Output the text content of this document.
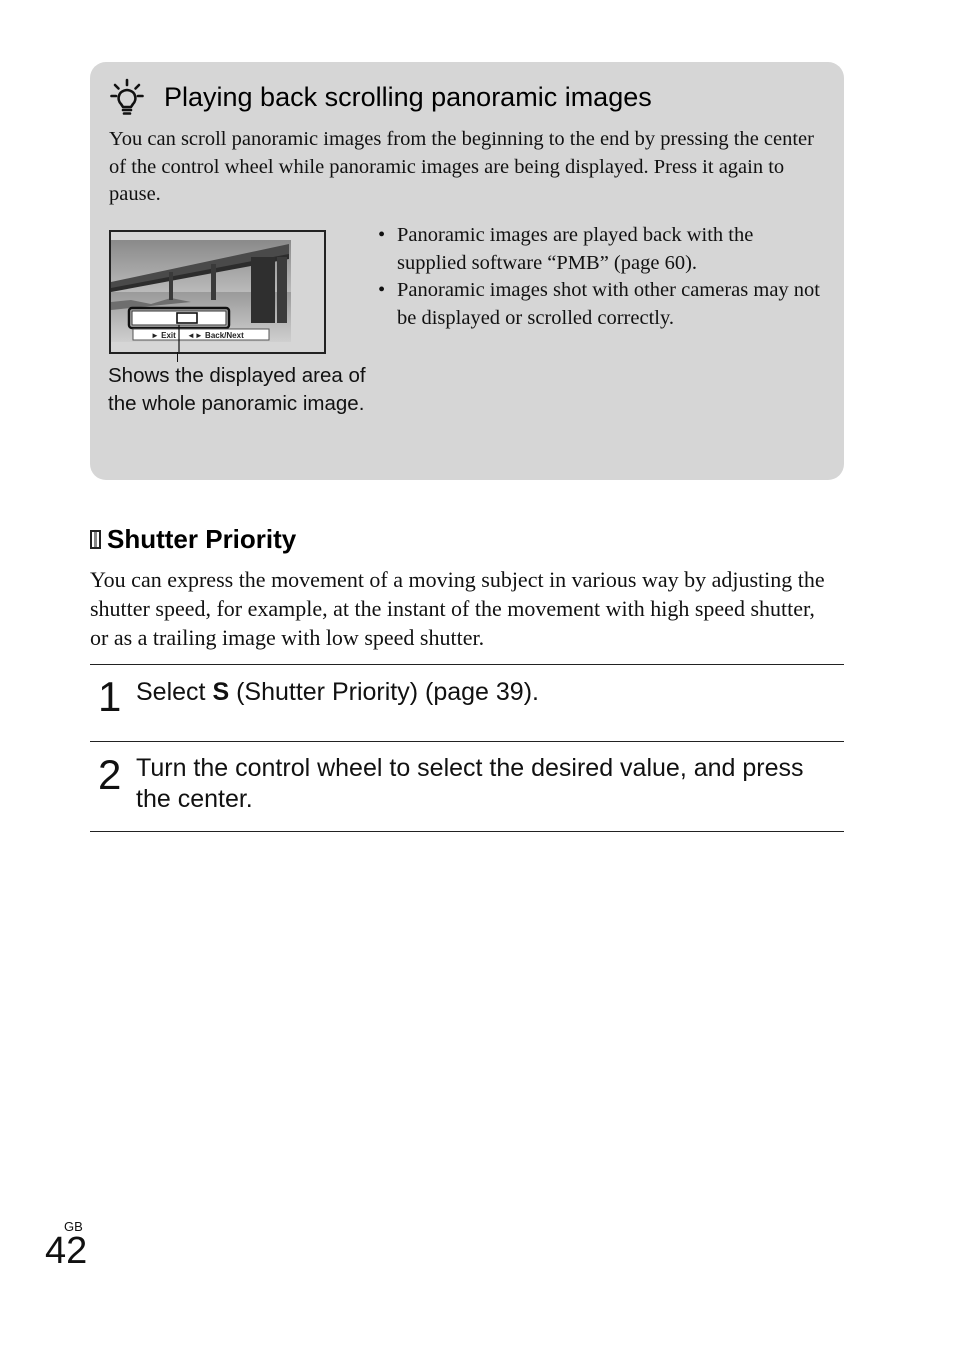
Playing back scrolling panoramic images
You can scroll panoramic images from the beginning to the end by pressing the center of the control wheel while panoramic images are being displayed. Press it again to pause.
► Exit ◄► Back/Next
Shows the displayed area of the whole panoramic image.
• Panoramic images are played back with the supplied software “PMB” (page 60).
• Panoramic images shot with other cameras may not be displayed or scrolled correctly.
Shutter Priority
You can express the movement of a moving subject in various way by adjusting the shutter speed, for example, at the instant of the movement with high speed shutter, or as a trailing image with low speed shutter.
1 Select S (Shutter Priority) (page 39).
2 Turn the control wheel to select the desired value, and press the center.
GB
42
